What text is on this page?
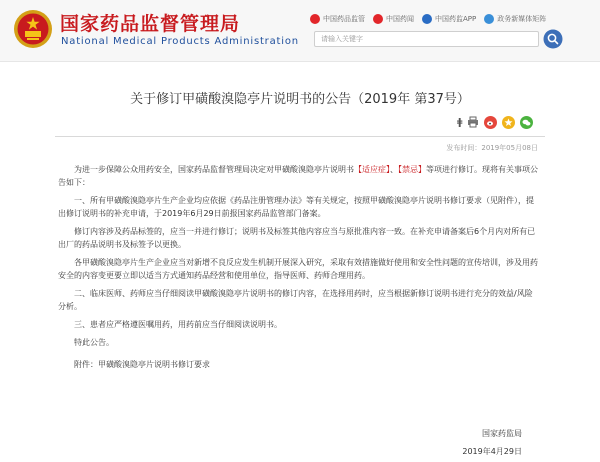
国家药品监督管理局
National Medical Products Administration
中国药品监管	中国药闻	中国药监APP	政务新媒体矩阵
请输入关键字
关于修订甲磺酸溴隐亭片说明书的公告（2019年 第37号）
ǂ
发布时间：2019年05月08日

为进一步保障公众用药安全，国家药品监督管理局决定对甲磺酸溴隐亭片说明书【适应症】、【禁忌】等项进行修订。现将有关事项公告如下：

一、所有甲磺酸溴隐亭片生产企业均应依据《药品注册管理办法》等有关规定，按照甲磺酸溴隐亭片说明书修订要求（见附件），提出修订说明书的补充申请，于2019年6月29日前报国家药品监管部门备案。

修订内容涉及药品标签的，应当一并进行修订；说明书及标签其他内容应当与原批准内容一致。在补充申请备案后6个月内对所有已出厂的药品说明书及标签予以更换。

各甲磺酸溴隐亭片生产企业应当对新增不良反应发生机制开展深入研究，采取有效措施做好使用和安全性问题的宣传培训，涉及用药安全的内容变更要立即以适当方式通知药品经营和使用单位，指导医师、药师合理用药。

二、临床医师、药师应当仔细阅读甲磺酸溴隐亭片说明书的修订内容，在选择用药时，应当根据新修订说明书进行充分的效益/风险分析。

三、患者应严格遵医嘱用药，用药前应当仔细阅读说明书。

特此公告。

附件：甲磺酸溴隐亭片说明书修订要求

国家药监局
2019年4月29日
